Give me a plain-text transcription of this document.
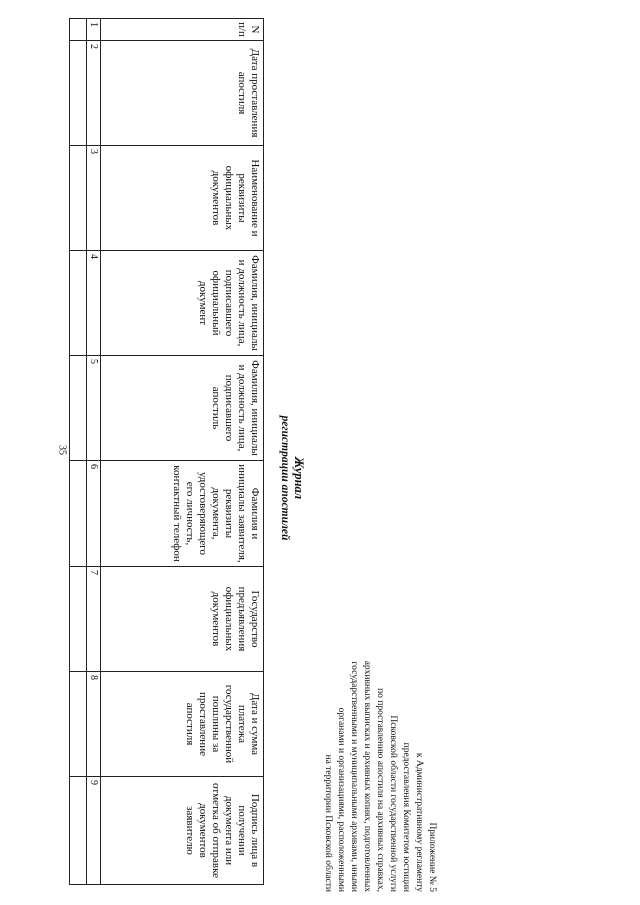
35
Приложение № 5
к Административному регламенту
предоставления Комитетом юстиции
Псковской области государственной услуги
по проставлению апостиля на архивных справках,
архивных выписках и архивных копиях, подготовленных
государственными и муниципальными архивами, иными
органами и организациями, расположенными
на территории Псковской области
Журнал
регистрации апостилей
N п/п	Дата проставления апостиля	Наименование и реквизиты официальных документов	Фамилия, инициалы и должность лица, подписавшего официальный документ	Фамилия, инициалы и должность лица, подписавшего апостиль	Фамилия и инициалы заявителя, реквизиты документа, удостоверяющего его личность, контактный телефон	Государство предъявления официальных документов	Дата и сумма платежа государственной пошлины за проставление апостиля	Подпись лица в получении документа или отметка об отправке документов заявителю
1	2	3	4	5	6	7	8	9
